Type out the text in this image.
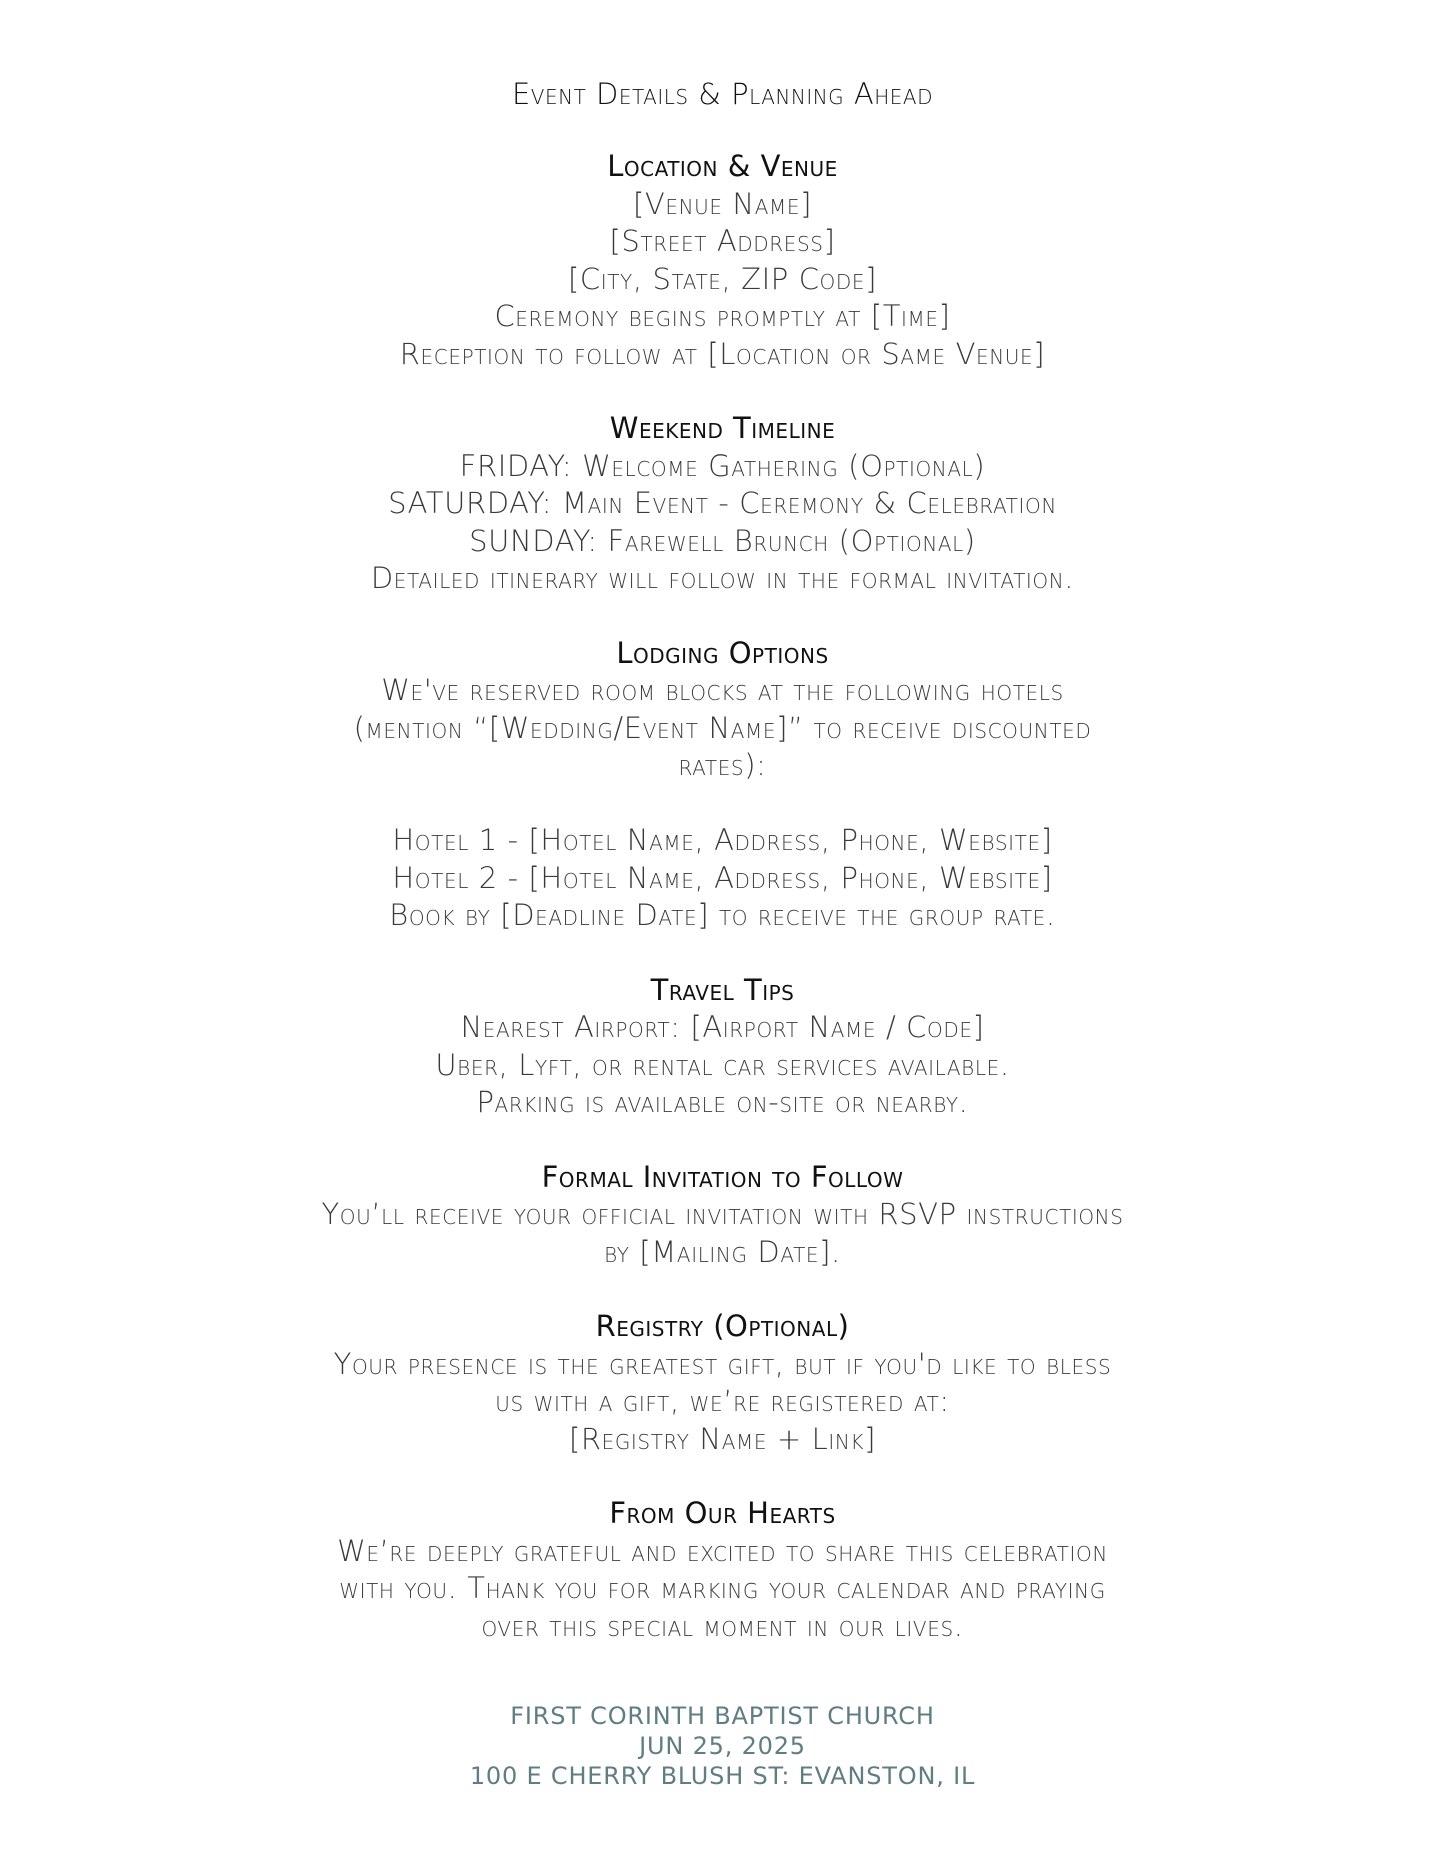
Event Details & Planning Ahead
Location & Venue
[Venue Name]
[Street Address]
[City, State, ZIP Code]
Ceremony begins promptly at [Time]
Reception to follow at [Location or Same Venue]
Weekend Timeline
FRIDAY: Welcome Gathering (Optional)
SATURDAY: Main Event - Ceremony & Celebration
SUNDAY: Farewell Brunch (Optional)
Detailed itinerary will follow in the formal invitation.
Lodging Options
We've reserved room blocks at the following hotels
(mention “[Wedding/Event Name]” to receive discounted
rates):
Hotel 1 - [Hotel Name, Address, Phone, Website]
Hotel 2 - [Hotel Name, Address, Phone, Website]
Book by [Deadline Date] to receive the group rate.
Travel Tips
Nearest Airport: [Airport Name / Code]
Uber, Lyft, or rental car services available.
Parking is available on-site or nearby.
Formal Invitation to Follow
You’ll receive your official invitation with RSVP instructions
by [Mailing Date].
Registry (Optional)
Your presence is the greatest gift, but if you'd like to bless
us with a gift, we’re registered at:
[Registry Name + Link]
From Our Hearts
We’re deeply grateful and excited to share this celebration
with you. Thank you for marking your calendar and praying
over this special moment in our lives.
FIRST CORINTH BAPTIST CHURCH
JUN 25, 2025
100 E CHERRY BLUSH ST: EVANSTON, IL
